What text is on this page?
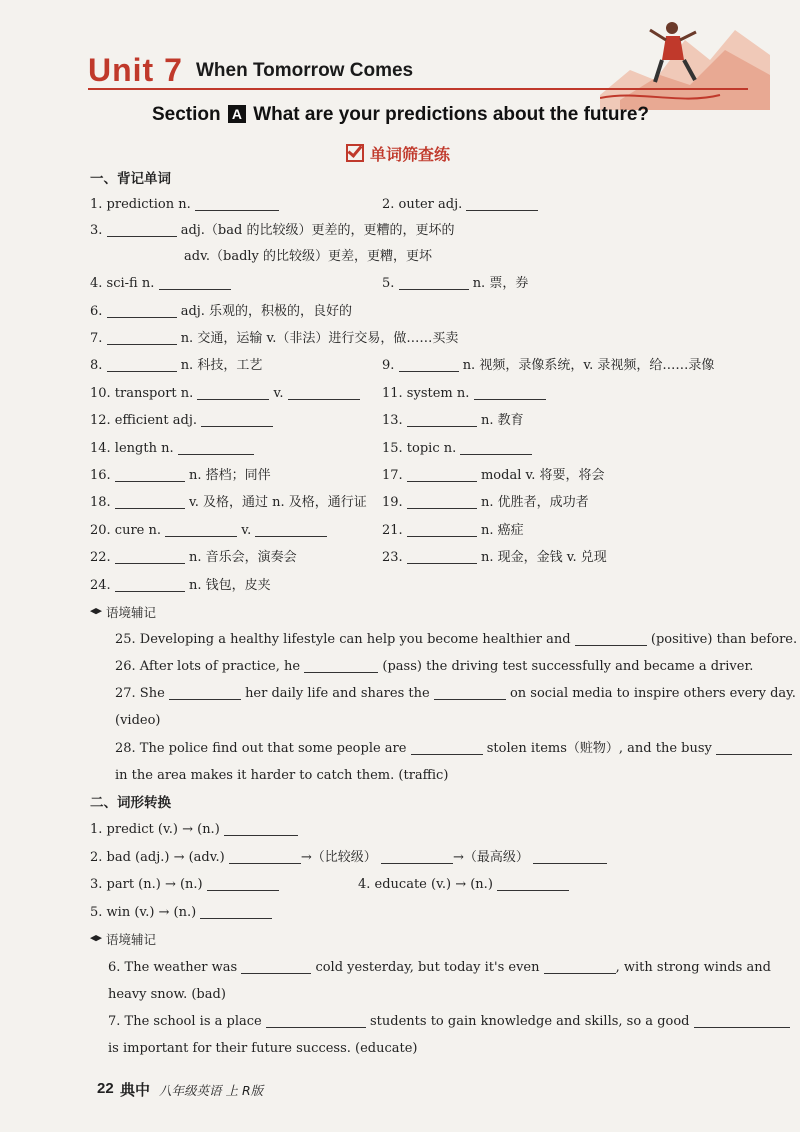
Unit 7 When Tomorrow Comes
Section A What are your predictions about the future?
单词筛查练
一、背记单词
1. prediction n.	2. outer adj.
3.	adj.（bad 的比较级）更差的，更糟的，更坏的
adv.（badly 的比较级）更差，更糟，更坏
4. sci-fi n.	5.	n. 票，券
6.	adj. 乐观的，积极的，良好的
7.	n. 交通，运输 v.（非法）进行交易，做……买卖
8.	n. 科技，工艺	9.	n. 视频，录像系统，v. 录视频，给……录像
10. transport n.	v.	11. system n.
12. efficient adj.	13.	n. 教育
14. length n.	15. topic n.
16.	n. 搭档；同伴	17.	modal v. 将要，将会
18.	v. 及格，通过 n. 及格，通行证 19.	n. 优胜者，成功者
20. cure n.	v.	21.	n. 癌症
22.	n. 音乐会，演奏会	23.	n. 现金，金钱 v. 兑现
24.	n. 钱包，皮夹
语境辅记
25. Developing a healthy lifestyle can help you become healthier and	(positive) than before.
26. After lots of practice, he	(pass) the driving test successfully and became a driver.
27. She	her daily life and shares the	on social media to inspire others every day.
(video)
28. The police find out that some people are	stolen items（赃物）, and the busy
in the area makes it harder to catch them. (traffic)
二、词形转换
1. predict (v.) → (n.)
2. bad (adj.) → (adv.)	→（比较级）	→（最高级）
3. part (n.) → (n.)	4. educate (v.) → (n.)
5. win (v.) → (n.)
语境辅记
6. The weather was	cold yesterday, but today it's even	, with strong winds and
heavy snow. (bad)
7. The school is a place	students to gain knowledge and skills, so a good
is important for their future success. (educate)
22 典中 八年级英语 上 R版
